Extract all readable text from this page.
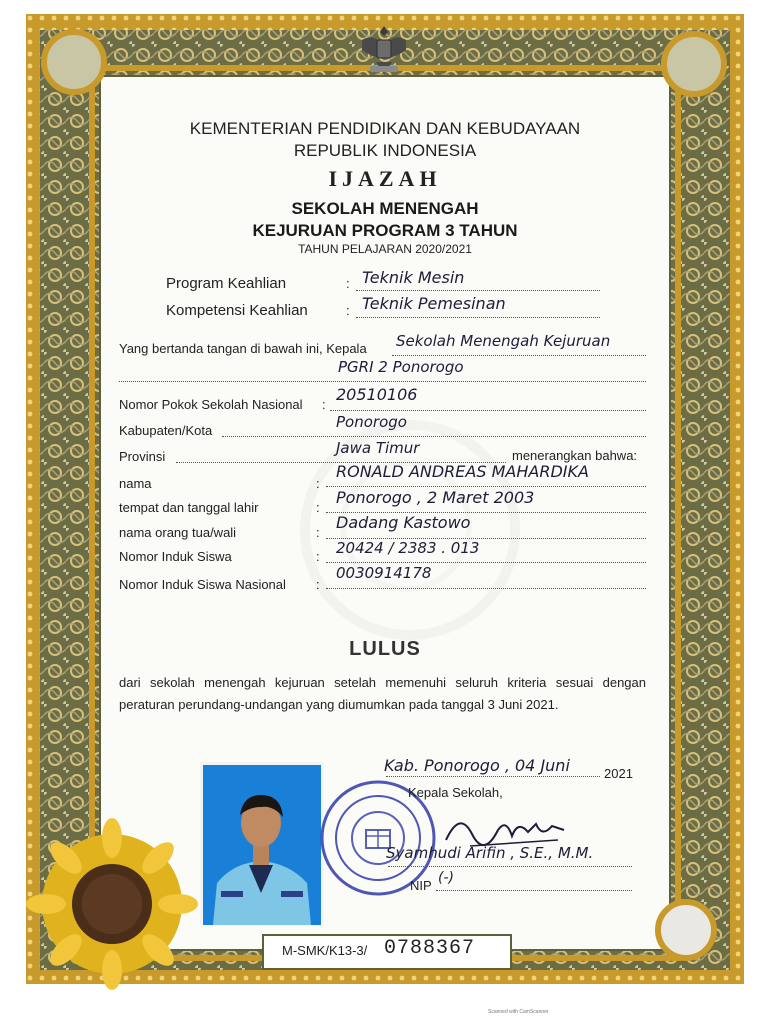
KEMENTERIAN PENDIDIKAN DAN KEBUDAYAAN
REPUBLIK INDONESIA
IJAZAH
SEKOLAH MENENGAH
KEJURUAN PROGRAM 3 TAHUN
TAHUN PELAJARAN 2020/2021
Program Keahlian	: Teknik Mesin
Kompetensi Keahlian	: Teknik Pemesinan
Yang bertanda tangan di bawah ini, Kepala Sekolah Menengah Kejuruan
PGRI 2 Ponorogo
Nomor Pokok Sekolah Nasional :
20510106
Kabupaten/Kota	Ponorogo
Provinsi	Jawa Timur	menerangkan bahwa:
nama	:
RONALD ANDREAS MAHARDIKA
tempat dan tanggal lahir	:
Ponorogo , 2 Maret 2003
nama orang tua/wali	:
Dadang Kastowo
Nomor Induk Siswa	: 20424 / 2383 . 013
Nomor Induk Siswa Nasional :
0030914178
LULUS
dari sekolah menengah kejuruan setelah memenuhi seluruh kriteria sesuai dengan peraturan perundang-undangan yang diumumkan pada tanggal 3 Juni 2021.
Kab. Ponorogo , 04 Juni	2021
Kepala Sekolah,
Syamhudi Arifin , S.E., M.M.
NIP (-)
M-SMK/K13-3/ 0788367
Scanned with CamScanner
